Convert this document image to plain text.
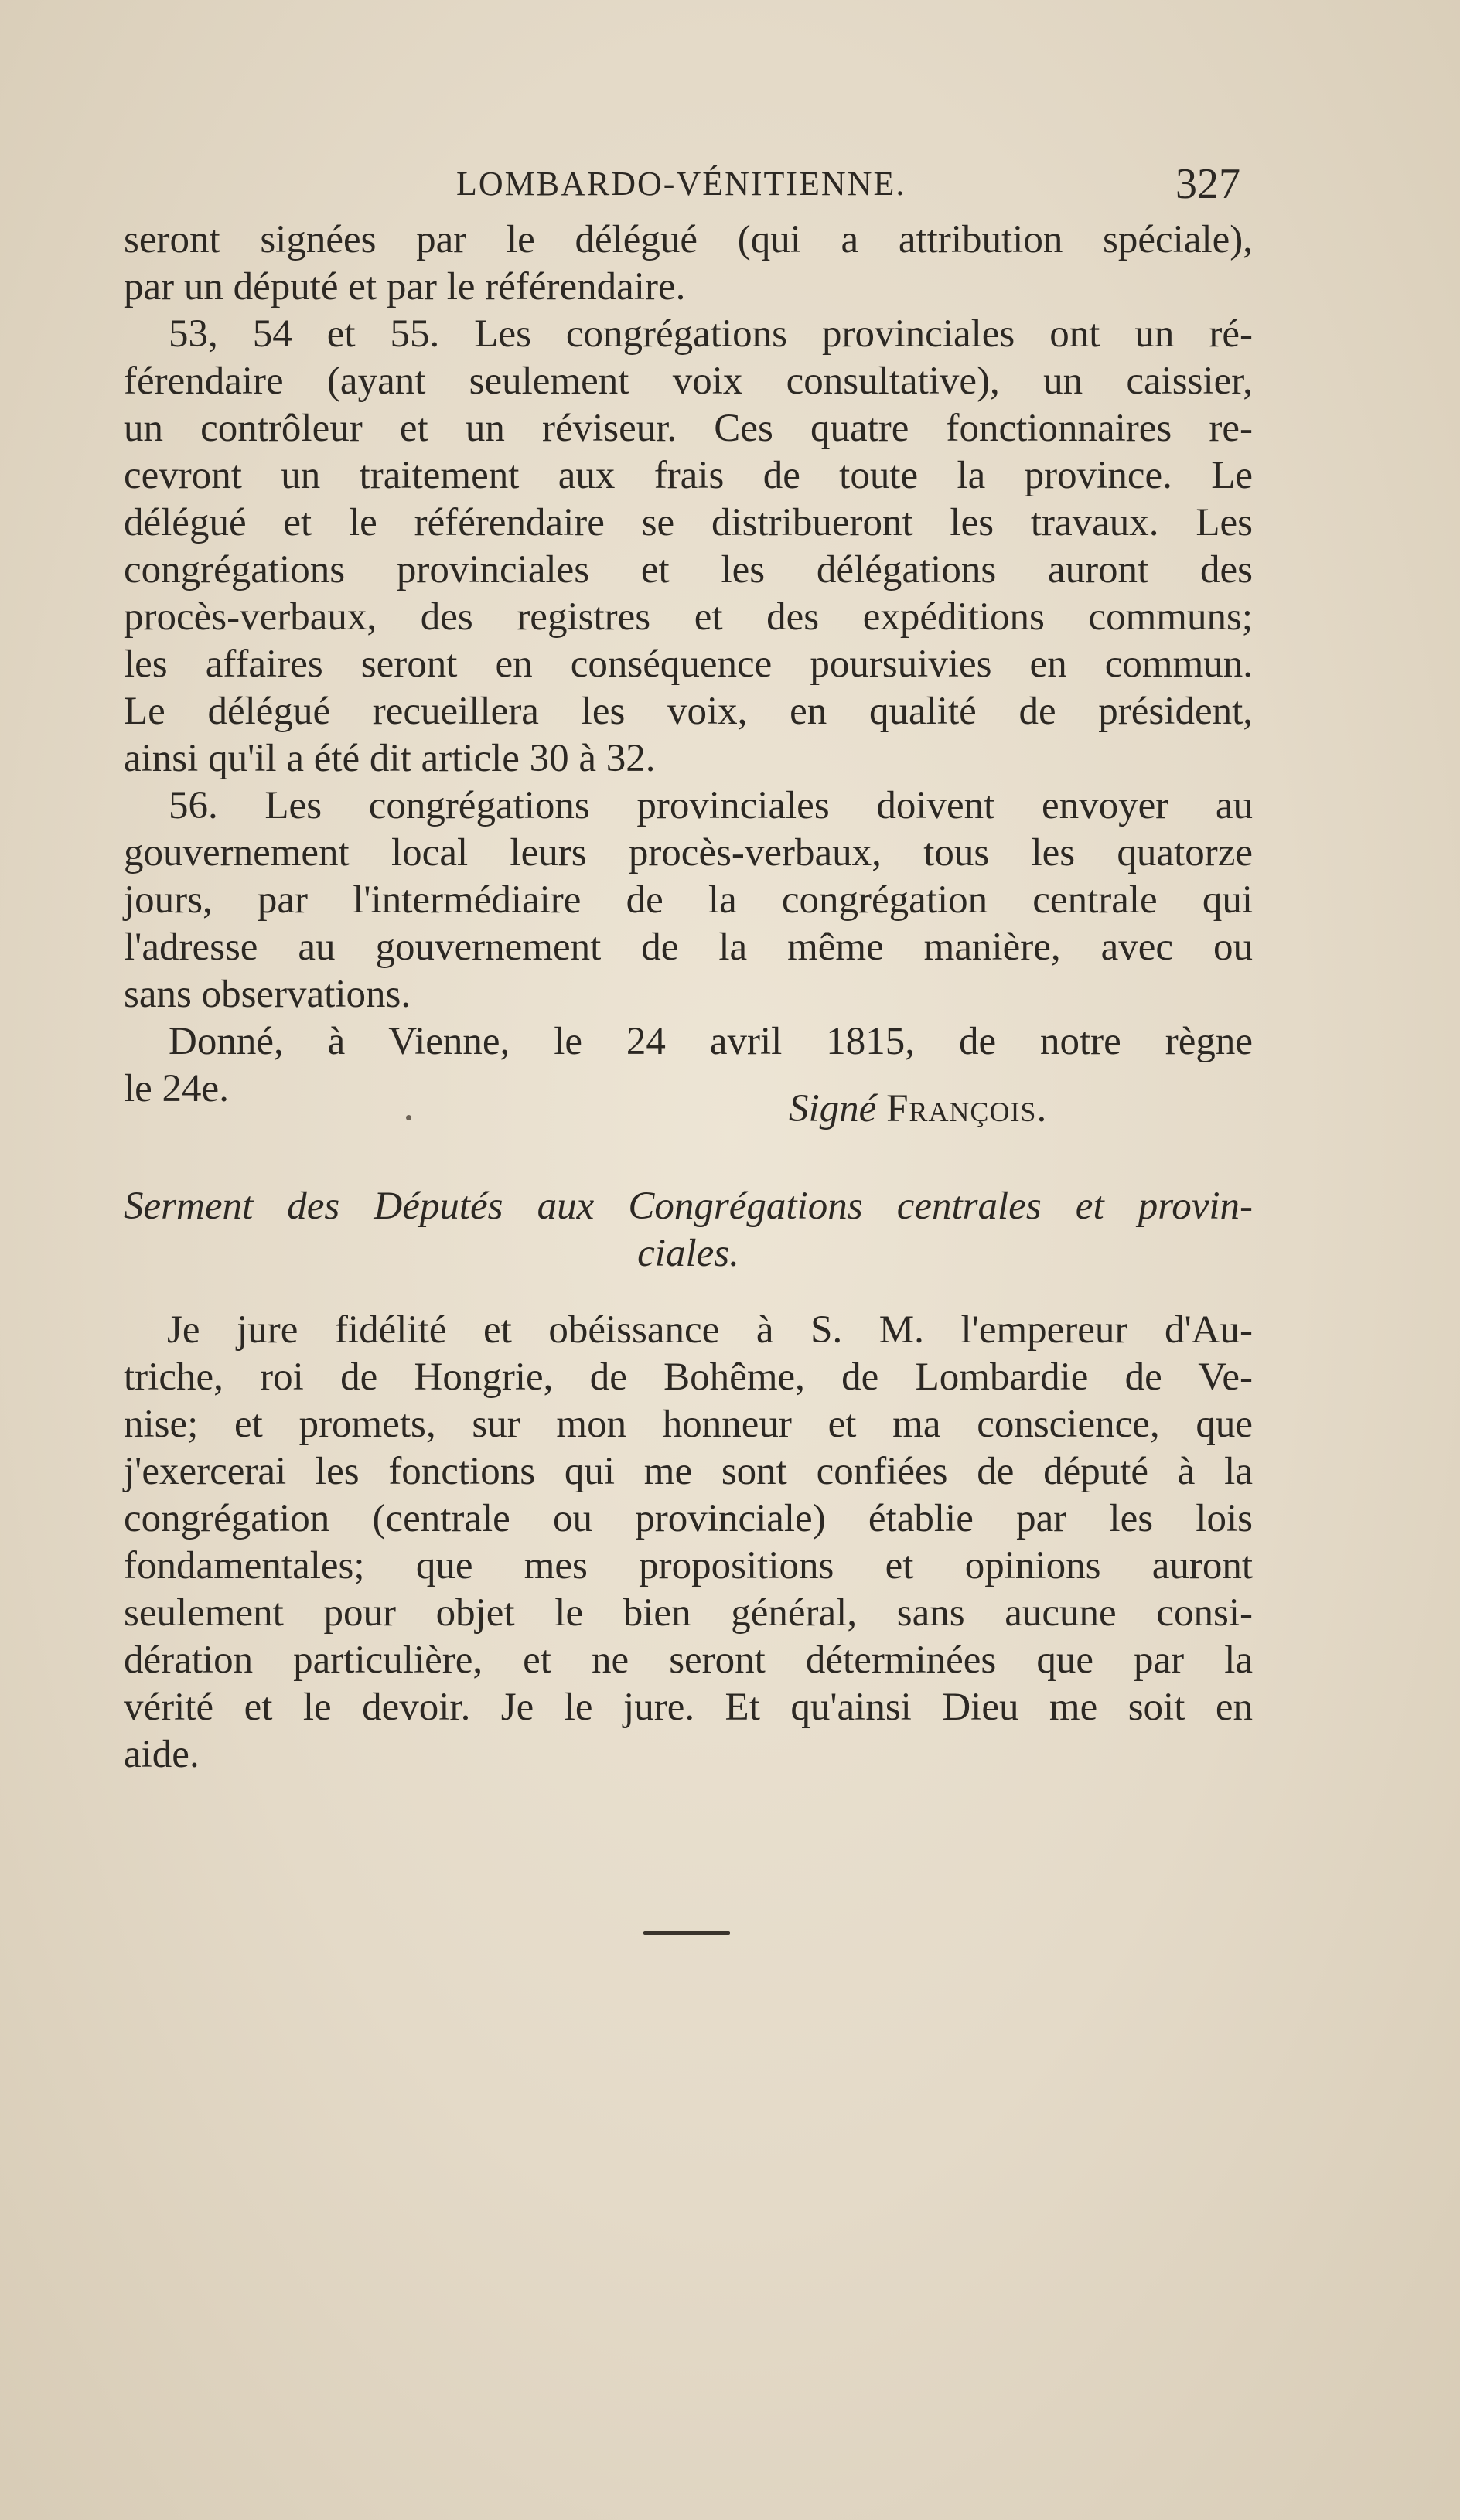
LOMBARDO-VÉNITIENNE.	327
seront signées par le délégué (qui a attribution spéciale),
par un député et par le référendaire.
53, 54 et 55. Les congrégations provinciales ont un ré-
férendaire (ayant seulement voix consultative), un caissier,
un contrôleur et un réviseur. Ces quatre fonctionnaires re-
cevront un traitement aux frais de toute la province. Le
délégué et le référendaire se distribueront les travaux. Les
congrégations provinciales et les délégations auront des
procès-verbaux, des registres et des expéditions communs;
les affaires seront en conséquence poursuivies en commun.
Le délégué recueillera les voix, en qualité de président,
ainsi qu'il a été dit article 30 à 32.
56. Les congrégations provinciales doivent envoyer au
gouvernement local leurs procès-verbaux, tous les quatorze
jours, par l'intermédiaire de la congrégation centrale qui
l'adresse au gouvernement de la même manière, avec ou
sans observations.
Donné, à Vienne, le 24 avril 1815, de notre règne
le 24e.	Signé François.
Serment des Députés aux Congrégations centrales et provin-
ciales.
Je jure fidélité et obéissance à S. M. l'empereur d'Au-
triche, roi de Hongrie, de Bohême, de Lombardie de Ve-
nise; et promets, sur mon honneur et ma conscience, que
j'exercerai les fonctions qui me sont confiées de député à la
congrégation (centrale ou provinciale) établie par les lois
fondamentales; que mes propositions et opinions auront
seulement pour objet le bien général, sans aucune consi-
dération particulière, et ne seront déterminées que par la
vérité et le devoir. Je le jure. Et qu'ainsi Dieu me soit en
aide.
